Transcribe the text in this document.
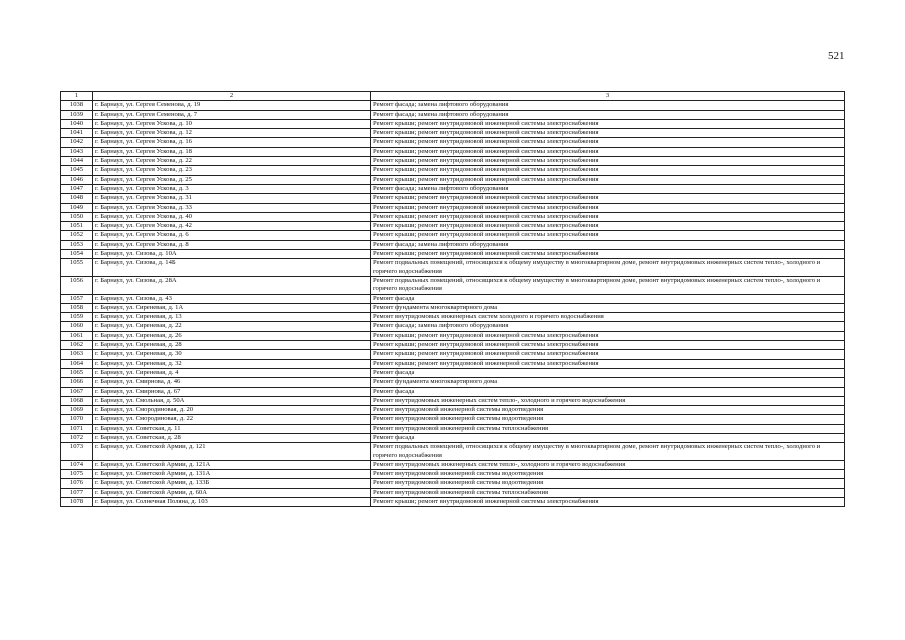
521
1	2	3
1038	г. Барнаул, ул. Сергея Семенова, д. 19	Ремонт фасада; замена лифтового оборудования
1039	г. Барнаул, ул. Сергея Семенова, д. 7	Ремонт фасада; замена лифтового оборудования
1040	г. Барнаул, ул. Сергея Ускова, д. 10	Ремонт крыши; ремонт внутридомовой инженерной системы электроснабжения
1041	г. Барнаул, ул. Сергея Ускова, д. 12	Ремонт крыши; ремонт внутридомовой инженерной системы электроснабжения
1042	г. Барнаул, ул. Сергея Ускова, д. 16	Ремонт крыши; ремонт внутридомовой инженерной системы электроснабжения
1043	г. Барнаул, ул. Сергея Ускова, д. 18	Ремонт крыши; ремонт внутридомовой инженерной системы электроснабжения
1044	г. Барнаул, ул. Сергея Ускова, д. 22	Ремонт крыши; ремонт внутридомовой инженерной системы электроснабжения
1045	г. Барнаул, ул. Сергея Ускова, д. 23	Ремонт крыши; ремонт внутридомовой инженерной системы электроснабжения
1046	г. Барнаул, ул. Сергея Ускова, д. 25	Ремонт крыши; ремонт внутридомовой инженерной системы электроснабжения
1047	г. Барнаул, ул. Сергея Ускова, д. 3	Ремонт фасада; замена лифтового оборудования
1048	г. Барнаул, ул. Сергея Ускова, д. 31	Ремонт крыши; ремонт внутридомовой инженерной системы электроснабжения
1049	г. Барнаул, ул. Сергея Ускова, д. 33	Ремонт крыши; ремонт внутридомовой инженерной системы электроснабжения
1050	г. Барнаул, ул. Сергея Ускова, д. 40	Ремонт крыши; ремонт внутридомовой инженерной системы электроснабжения
1051	г. Барнаул, ул. Сергея Ускова, д. 42	Ремонт крыши; ремонт внутридомовой инженерной системы электроснабжения
1052	г. Барнаул, ул. Сергея Ускова, д. 6	Ремонт крыши; ремонт внутридомовой инженерной системы электроснабжения
1053	г. Барнаул, ул. Сергея Ускова, д. 8	Ремонт фасада; замена лифтового оборудования
1054	г. Барнаул, ул. Сизова, д. 10А	Ремонт крыши; ремонт внутридомовой инженерной системы электроснабжения
1055	г. Барнаул, ул. Сизова, д. 14Б	Ремонт подвальных помещений, относящихся к общему имуществу в многоквартирном доме, ремонт внутридомовых инженерных систем тепло-, холодного и горячего водоснабжения
1056	г. Барнаул, ул. Сизова, д. 28А	Ремонт подвальных помещений, относящихся к общему имуществу в многоквартирном доме, ремонт внутридомовых инженерных систем тепло-, холодного и горячего водоснабжения
1057	г. Барнаул, ул. Сизова, д. 43	Ремонт фасада
1058	г. Барнаул, ул. Сиреневая, д. 1А	Ремонт фундамента многоквартирного дома
1059	г. Барнаул, ул. Сиреневая, д. 13	Ремонт внутридомовых инженерных систем холодного и горячего водоснабжения
1060	г. Барнаул, ул. Сиреневая, д. 22	Ремонт фасада; замена лифтового оборудования
1061	г. Барнаул, ул. Сиреневая, д. 26	Ремонт крыши; ремонт внутридомовой инженерной системы электроснабжения
1062	г. Барнаул, ул. Сиреневая, д. 28	Ремонт крыши; ремонт внутридомовой инженерной системы электроснабжения
1063	г. Барнаул, ул. Сиреневая, д. 30	Ремонт крыши; ремонт внутридомовой инженерной системы электроснабжения
1064	г. Барнаул, ул. Сиреневая, д. 32	Ремонт крыши; ремонт внутридомовой инженерной системы электроснабжения
1065	г. Барнаул, ул. Сиреневая, д. 4	Ремонт фасада
1066	г. Барнаул, ул. Смирнова, д. 46	Ремонт фундамента многоквартирного дома
1067	г. Барнаул, ул. Смирнова, д. 67	Ремонт фасада
1068	г. Барнаул, ул. Смольная, д. 50А	Ремонт внутридомовых инженерных систем тепло-, холодного и горячего водоснабжения
1069	г. Барнаул, ул. Смородиновая, д. 20	Ремонт внутридомовой инженерной системы водоотведения
1070	г. Барнаул, ул. Смородиновая, д. 22	Ремонт внутридомовой инженерной системы водоотведения
1071	г. Барнаул, ул. Советская, д. 11	Ремонт внутридомовой инженерной системы теплоснабжения
1072	г. Барнаул, ул. Советская, д. 28	Ремонт фасада
1073	г. Барнаул, ул. Советской Армии, д. 121	Ремонт подвальных помещений, относящихся к общему имуществу в многоквартирном доме, ремонт внутридомовых инженерных систем тепло-, холодного и горячего водоснабжения
1074	г. Барнаул, ул. Советской Армии, д. 121А	Ремонт внутридомовых инженерных систем тепло-, холодного и горячего водоснабжения
1075	г. Барнаул, ул. Советской Армии, д. 131А	Ремонт внутридомовой инженерной системы водоотведения
1076	г. Барнаул, ул. Советской Армии, д. 133Б	Ремонт внутридомовой инженерной системы водоотведения
1077	г. Барнаул, ул. Советской Армии, д. 60А	Ремонт внутридомовой инженерной системы теплоснабжения
1078	г. Барнаул, ул. Солнечная Поляна, д. 103	Ремонт крыши; ремонт внутридомовой инженерной системы электроснабжения
